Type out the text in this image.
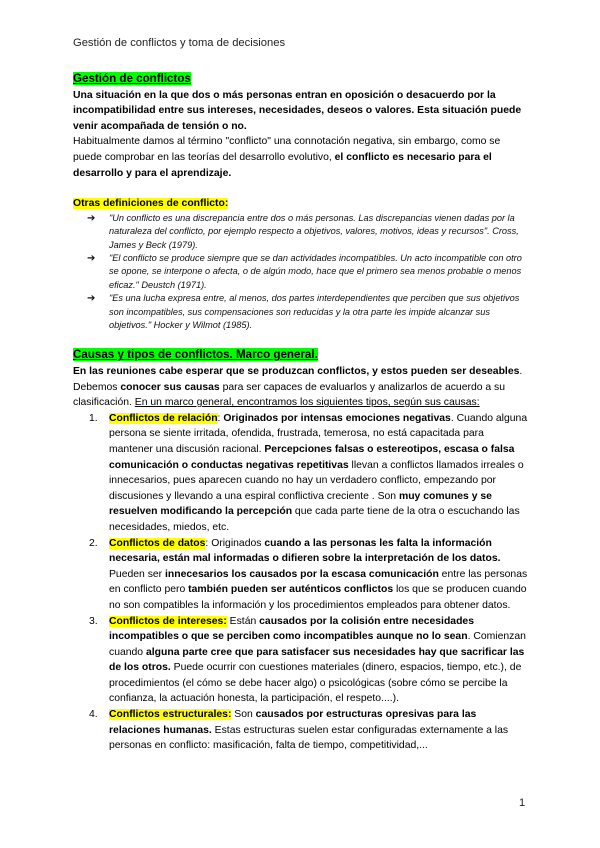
Gestión de conflictos y toma de decisiones
Gestión de conflictos

Una situación en la que dos o más personas entran en oposición o desacuerdo por la incompatibilidad entre sus intereses, necesidades, deseos o valores. Esta situación puede venir acompañada de tensión o no.

Habitualmente damos al término "conflicto" una connotación negativa, sin embargo, como se puede comprobar en las teorías del desarrollo evolutivo, el conflicto es necesario para el desarrollo y para el aprendizaje.

Otras definiciones de conflicto:
➔ "Un conflicto es una discrepancia entre dos o más personas. Las discrepancias vienen dadas por la naturaleza del conflicto, por ejemplo respecto a objetivos, valores, motivos, ideas y recursos". Cross, James y Beck (1979).
➔ "El conflicto se produce siempre que se dan actividades incompatibles. Un acto incompatible con otro se opone, se interpone o afecta, o de algún modo, hace que el primero sea menos probable o menos eficaz." Deustch (1971).
➔ "Es una lucha expresa entre, al menos, dos partes interdependientes que perciben que sus objetivos son incompatibles, sus compensaciones son reducidas y la otra parte les impide alcanzar sus objetivos." Hocker y Wilmot (1985).
Causas y tipos de conflictos. Marco general.

En las reuniones cabe esperar que se produzcan conflictos, y estos pueden ser deseables. Debemos conocer sus causas para ser capaces de evaluarlos y analizarlos de acuerdo a su clasificación. En un marco general, encontramos los siguientes tipos, según sus causas:

1. Conflictos de relación: Originados por intensas emociones negativas. Cuando alguna persona se siente irritada, ofendida, frustrada, temerosa, no está capacitada para mantener una discusión racional. Percepciones falsas o estereotipos, escasa o falsa comunicación o conductas negativas repetitivas llevan a conflictos llamados irreales o innecesarios, pues aparecen cuando no hay un verdadero conflicto, empezando por discusiones y llevando a una espiral conflictiva creciente . Son muy comunes y se resuelven modificando la percepción que cada parte tiene de la otra o escuchando las necesidades, miedos, etc.
2. Conflictos de datos: Originados cuando a las personas les falta la información necesaria, están mal informadas o difieren sobre la interpretación de los datos. Pueden ser innecesarios los causados por la escasa comunicación entre las personas en conflicto pero también pueden ser auténticos conflictos los que se producen cuando no son compatibles la información y los procedimientos empleados para obtener datos.
3. Conflictos de intereses: Están causados por la colisión entre necesidades incompatibles o que se perciben como incompatibles aunque no lo sean. Comienzan cuando alguna parte cree que para satisfacer sus necesidades hay que sacrificar las de los otros. Puede ocurrir con cuestiones materiales (dinero, espacios, tiempo, etc.), de procedimientos (el cómo se debe hacer algo) o psicológicas (sobre cómo se percibe la confianza, la actuación honesta, la participación, el respeto....).
4. Conflictos estructurales: Son causados por estructuras opresivas para las relaciones humanas. Estas estructuras suelen estar configuradas externamente a las personas en conflicto: masificación, falta de tiempo, competitividad,...
1
